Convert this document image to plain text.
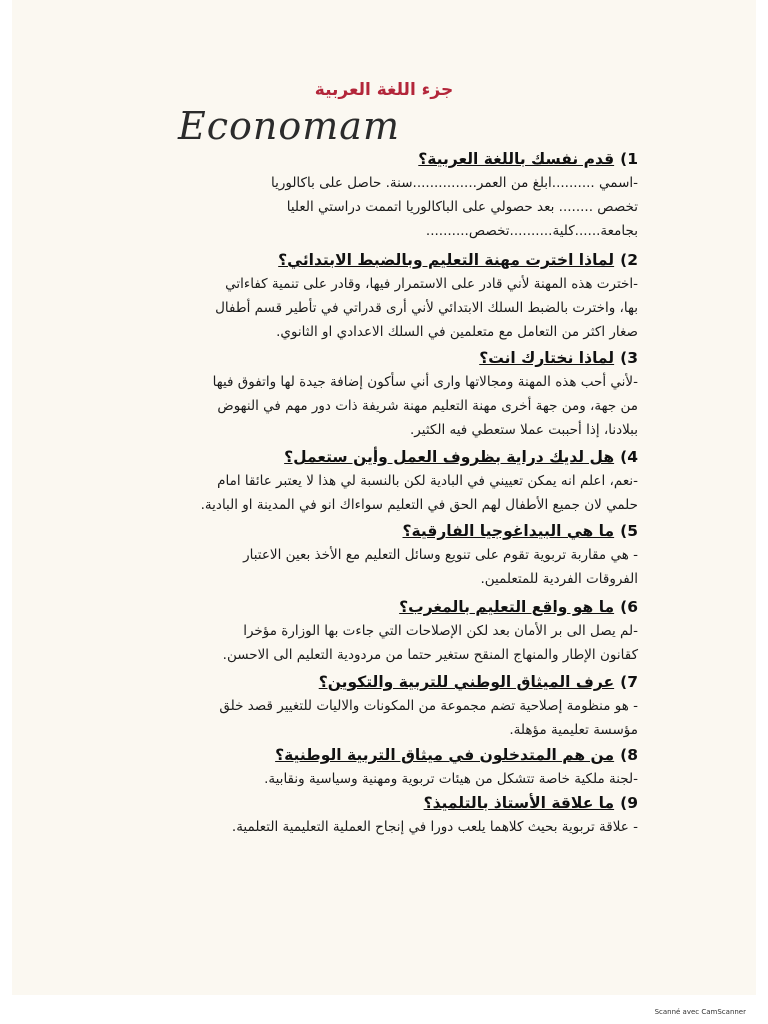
جزء اللغة العربية
Economam
1)قدم نفسك باللغة العربية؟
-اسمي ..........ابلغ من العمر...............سنة. حاصل على باكالوريا
تخصص ........ بعد حصولي على الباكالوريا اتممت دراستي العليا
بجامعة......كلية..........تخصص..........
2)لماذا اخترت مهنة التعليم وبالضبط الابتدائي؟
-اخترت هذه المهنة لأني قادر على الاستمرار فيها، وقادر على تنمية كفاءاتي
بها، واخترت بالضبط السلك الابتدائي لأني أرى قدراتي في تأطير قسم أطفال
صغار اكثر من التعامل مع متعلمين في السلك الاعدادي او الثانوي.
3)لماذا نختارك انت؟
-لأني أحب هذه المهنة ومجالاتها وارى أني سأكون إضافة جيدة لها واتفوق فيها
من جهة، ومن جهة أخرى مهنة التعليم مهنة شريفة ذات دور مهم في النهوض
ببلادنا، إذا أحببت عملا ستعطي فيه الكثير.
4)هل لديك دراية بظروف العمل وأين ستعمل؟
-نعم، اعلم انه يمكن تعييني في البادية لكن بالنسبة لي هذا لا يعتبر عائقا امام
حلمي لان جميع الأطفال لهم الحق في التعليم سواءاك انو في المدينة او البادية.
5)ما هي البيداغوجيا الفارقية؟
- هي مقاربة تربوية تقوم على تنويع وسائل التعليم مع الأخذ بعين الاعتبار
الفروقات الفردية للمتعلمين.
6)ما هو واقع التعليم بالمغرب؟
-لم يصل الى بر الأمان بعد لكن الإصلاحات التي جاءت بها الوزارة مؤخرا
كقانون الإطار والمنهاج المنقح ستغير حتما من مردودية التعليم الى الاحسن.
7)عرف الميثاق الوطني للتربية والتكوين؟
- هو منظومة إصلاحية تضم مجموعة من المكونات والاليات للتغيير قصد خلق
مؤسسة تعليمية مؤهلة.
8)من هم المتدخلون في ميثاق التربية الوطنية؟
-لجنة ملكية خاصة تتشكل من هيئات تربوية ومهنية وسياسية ونقابية.
9)ما علاقة الأستاذ بالتلميذ؟
- علاقة تربوية بحيث كلاهما يلعب دورا في إنجاح العملية التعليمية التعلمية.
Scanné avec CamScanner
